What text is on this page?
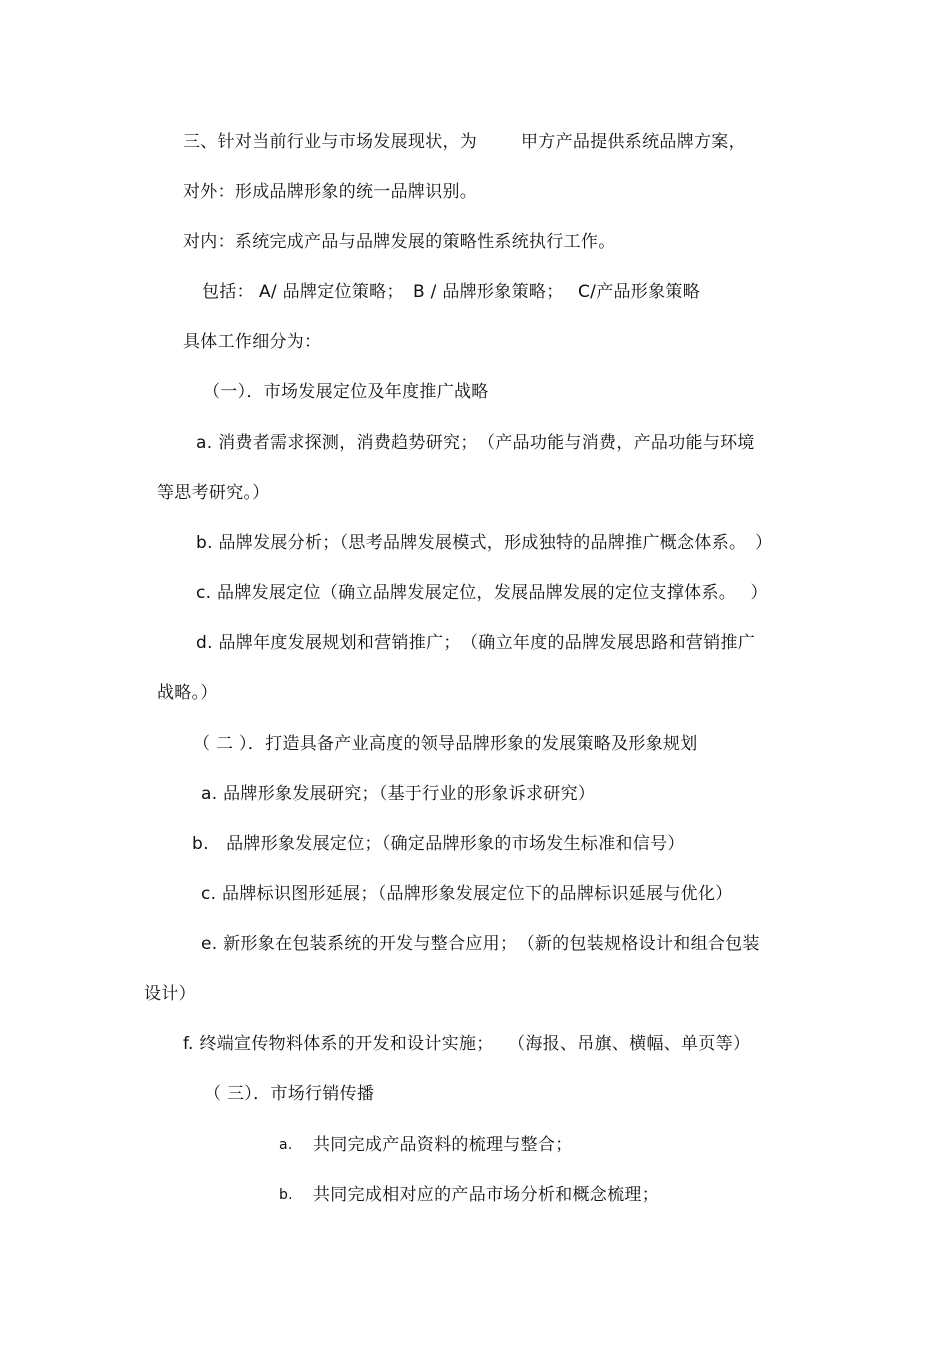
三、针对当前行业与市场发展现状，为	甲方产品提供系统品牌方案，
对外：形成品牌形象的统一品牌识别。
对内：系统完成产品与品牌发展的策略性系统执行工作。
包括： A/ 品牌定位策略； B / 品牌形象策略； C/产品形象策略
具体工作细分为：
（一）．市场发展定位及年度推广战略
a. 消费者需求探测，消费趋势研究；　（产品功能与消费，产品功能与环境
等思考研究。）
b. 品牌发展分析；（思考品牌发展模式，形成独特的品牌推广概念体系。　）
c. 品牌发展定位（确立品牌发展定位，发展品牌发展的定位支撑体系。　 ）
d. 品牌年度发展规划和营销推广；　（确立年度的品牌发展思路和营销推广
战略。）
（ 二 ）．打造具备产业高度的领导品牌形象的发展策略及形象规划
a. 品牌形象发展研究；（基于行业的形象诉求研究）
b.　品牌形象发展定位；（确定品牌形象的市场发生标准和信号）
c. 品牌标识图形延展；（品牌形象发展定位下的品牌标识延展与优化）
e. 新形象在包装系统的开发与整合应用；　（新的包装规格设计和组合包装
设计）
f. 终端宣传物料体系的开发和设计实施；　 （海报、吊旗、横幅、单页等）
（ 三）．市场行销传播
a. 共同完成产品资料的梳理与整合；
b. 共同完成相对应的产品市场分析和概念梳理；
